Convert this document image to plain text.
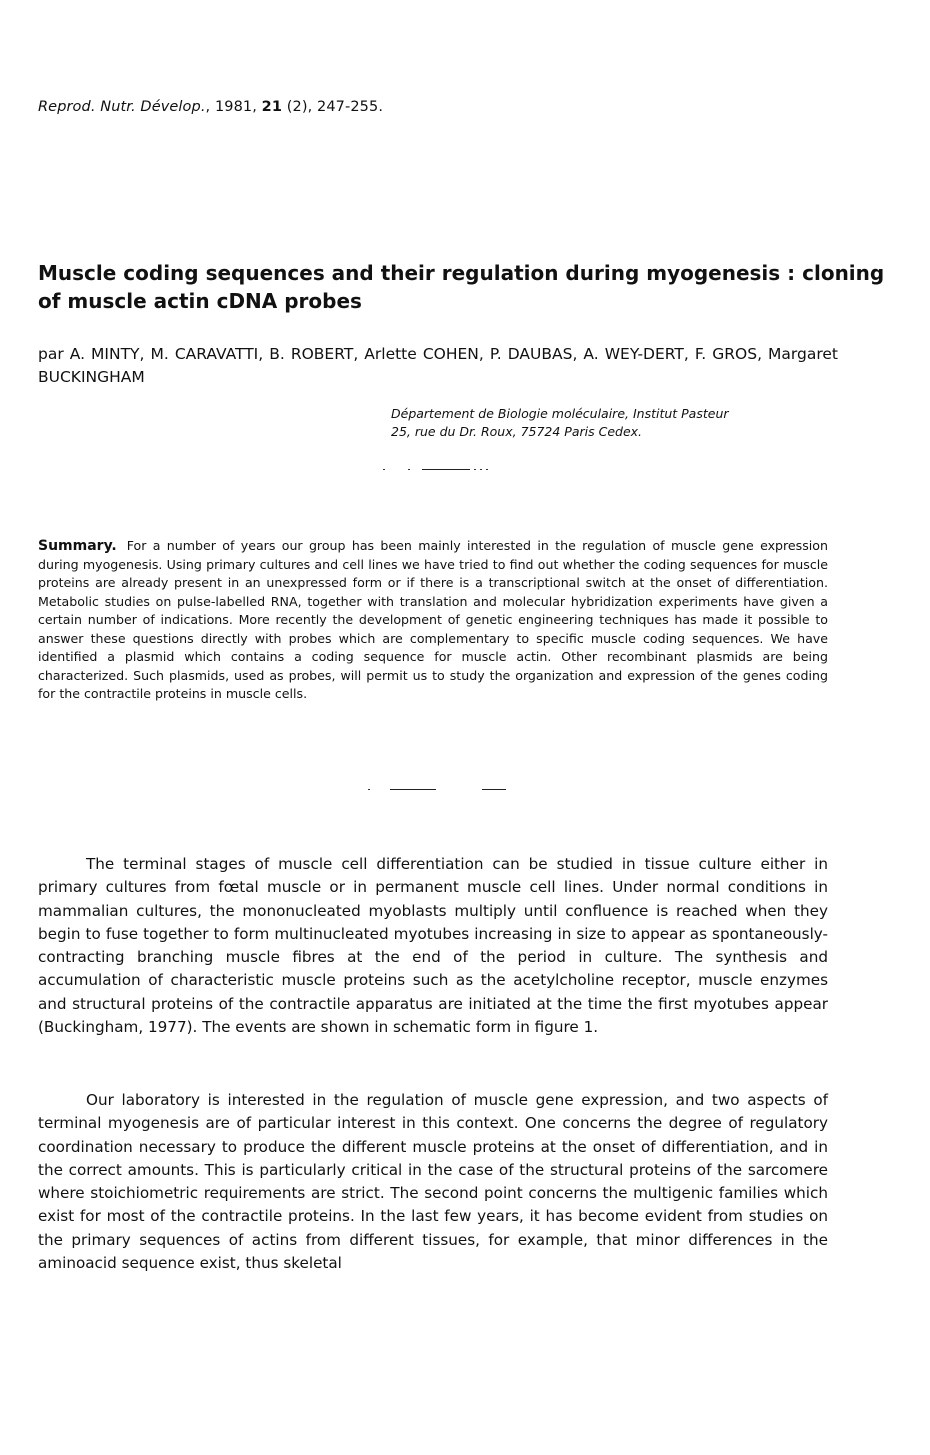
Reprod. Nutr. Dévelop., 1981, 21 (2), 247-255.
Muscle coding sequences and their regulation during myogenesis : cloning of muscle actin cDNA probes

par A. MINTY, M. CARAVATTI, B. ROBERT, Arlette COHEN, P. DAUBAS, A. WEY-DERT, F. GROS, Margaret BUCKINGHAM

Département de Biologie moléculaire, Institut Pasteur
25, rue du Dr. Roux, 75724 Paris Cedex.

Summary. For a number of years our group has been mainly interested in the regulation of muscle gene expression during myogenesis. Using primary cultures and cell lines we have tried to find out whether the coding sequences for muscle proteins are already present in an unexpressed form or if there is a transcriptional switch at the onset of differentiation. Metabolic studies on pulse-labelled RNA, together with translation and molecular hybridization experiments have given a certain number of indications. More recently the development of genetic engineering techniques has made it possible to answer these questions directly with probes which are complementary to specific muscle coding sequences. We have identified a plasmid which contains a coding sequence for muscle actin. Other recombinant plasmids are being characterized. Such plasmids, used as probes, will permit us to study the organization and expression of the genes coding for the contractile proteins in muscle cells.

The terminal stages of muscle cell differentiation can be studied in tissue culture either in primary cultures from fœtal muscle or in permanent muscle cell lines. Under normal conditions in mammalian cultures, the mononucleated myoblasts multiply until confluence is reached when they begin to fuse together to form multinucleated myotubes increasing in size to appear as spontaneously-contracting branching muscle fibres at the end of the period in culture. The synthesis and accumulation of characteristic muscle proteins such as the acetylcholine receptor, muscle enzymes and structural proteins of the contractile apparatus are initiated at the time the first myotubes appear (Buckingham, 1977). The events are shown in schematic form in figure 1.

Our laboratory is interested in the regulation of muscle gene expression, and two aspects of terminal myogenesis are of particular interest in this context. One concerns the degree of regulatory coordination necessary to produce the different muscle proteins at the onset of differentiation, and in the correct amounts. This is particularly critical in the case of the structural proteins of the sarcomere where stoichiometric requirements are strict. The second point concerns the multigenic families which exist for most of the contractile proteins. In the last few years, it has become evident from studies on the primary sequences of actins from different tissues, for example, that minor differences in the aminoacid sequence exist, thus skeletal
